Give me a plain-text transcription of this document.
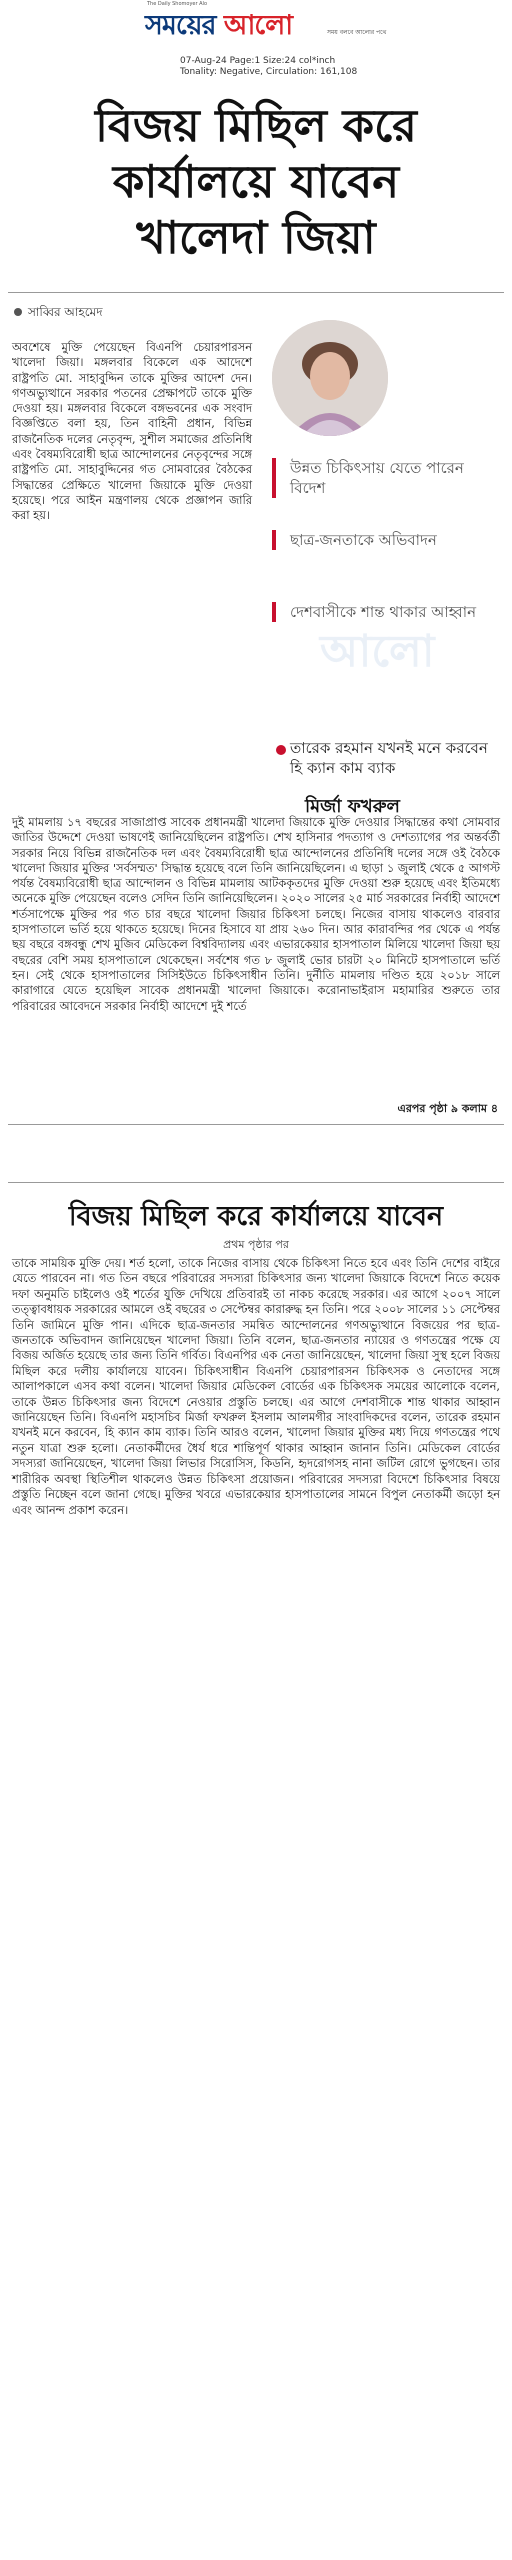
The Daily Shomoyer Alo
সময়ের আলো	সময় বলবে আলোর পথে
07-Aug-24 Page:1 Size:24 col*inch
Tonality: Negative, Circulation: 161,108
বিজয় মিছিল করে
কার্যালয়ে যাবেন
খালেদা জিয়া
সাব্বির আহমেদ
উন্নত চিকিৎসায় যেতে পারেন বিদেশ
ছাত্র-জনতাকে অভিবাদন
দেশবাসীকে শান্ত থাকার আহ্বান
তারেক রহমান যখনই মনে করবেন হি ক্যান কাম ব্যাক
মির্জা ফখরুল
আলো
অবশেষে মুক্তি পেয়েছেন বিএনপি চেয়ারপারসন খালেদা জিয়া। মঙ্গলবার বিকেলে এক আদেশে রাষ্ট্রপতি মো. সাহাবুদ্দিন তাকে মুক্তির আদেশ দেন। গণঅভ্যুত্থানে সরকার পতনের প্রেক্ষাপটে তাকে মুক্তি দেওয়া হয়। মঙ্গলবার বিকেলে বঙ্গভবনের এক সংবাদ বিজ্ঞপ্তিতে বলা হয়, তিন বাহিনী প্রধান, বিভিন্ন রাজনৈতিক দলের নেতৃবৃন্দ, সুশীল সমাজের প্রতিনিধি এবং বৈষম্যবিরোধী ছাত্র আন্দোলনের নেতৃবৃন্দের সঙ্গে রাষ্ট্রপতি মো. সাহাবুদ্দিনের গত সোমবারের বৈঠকের সিদ্ধান্তের প্রেক্ষিতে খালেদা জিয়াকে মুক্তি দেওয়া হয়েছে। পরে আইন মন্ত্রণালয় থেকে প্রজ্ঞাপন জারি করা হয়।
দুই মামলায় ১৭ বছরের সাজাপ্রাপ্ত সাবেক প্রধানমন্ত্রী খালেদা জিয়াকে মুক্তি দেওয়ার সিদ্ধান্তের কথা সোমবার জাতির উদ্দেশে দেওয়া ভাষণেই জানিয়েছিলেন রাষ্ট্রপতি। শেখ হাসিনার পদত্যাগ ও দেশত্যাগের পর অন্তর্বর্তী সরকার নিয়ে বিভিন্ন রাজনৈতিক দল এবং বৈষম্যবিরোধী ছাত্র আন্দোলনের প্রতিনিধি দলের সঙ্গে ওই বৈঠকে খালেদা জিয়ার মুক্তির 'সর্বসম্মত' সিদ্ধান্ত হয়েছে বলে তিনি জানিয়েছিলেন। এ ছাড়া ১ জুলাই থেকে ৫ আগস্ট পর্যন্ত বৈষম্যবিরোধী ছাত্র আন্দোলন ও বিভিন্ন মামলায় আটককৃতদের মুক্তি দেওয়া শুরু হয়েছে এবং ইতিমধ্যে অনেকে মুক্তি পেয়েছেন বলেও সেদিন তিনি জানিয়েছিলেন। ২০২০ সালের ২৫ মার্চ সরকারের নির্বাহী আদেশে শর্তসাপেক্ষে মুক্তির পর গত চার বছরে খালেদা জিয়ার চিকিৎসা চলছে। নিজের বাসায় থাকলেও বারবার হাসপাতালে ভর্তি হয়ে থাকতে হয়েছে। দিনের হিসাবে যা প্রায় ২৬০ দিন। আর কারাবন্দির পর থেকে এ পর্যন্ত ছয় বছরে বঙ্গবন্ধু শেখ মুজিব মেডিকেল বিশ্ববিদ্যালয় এবং এভারকেয়ার হাসপাতাল মিলিয়ে খালেদা জিয়া ছয় বছরের বেশি সময় হাসপাতালে থেকেছেন। সর্বশেষ গত ৮ জুলাই ভোর চারটা ২০ মিনিটে হাসপাতালে ভর্তি হন। সেই থেকে হাসপাতালের সিসিইউতে চিকিৎসাধীন তিনি। দুর্নীতি মামলায় দণ্ডিত হয়ে ২০১৮ সালে কারাগারে যেতে হয়েছিল সাবেক প্রধানমন্ত্রী খালেদা জিয়াকে। করোনাভাইরাস মহামারির শুরুতে তার পরিবারের আবেদনে সরকার নির্বাহী আদেশে দুই শর্তে
এরপর পৃষ্ঠা ৯ কলাম ৪
বিজয় মিছিল করে কার্যালয়ে যাবেন
প্রথম পৃষ্ঠার পর
তাকে সাময়িক মুক্তি দেয়। শর্ত হলো, তাকে নিজের বাসায় থেকে চিকিৎসা নিতে হবে এবং তিনি দেশের বাইরে যেতে পারবেন না। গত তিন বছরে পরিবারের সদস্যরা চিকিৎসার জন্য খালেদা জিয়াকে বিদেশে নিতে কয়েক দফা অনুমতি চাইলেও ওই শর্তের যুক্তি দেখিয়ে প্রতিবারই তা নাকচ করেছে সরকার। এর আগে ২০০৭ সালে তত্ত্বাবধায়ক সরকারের আমলে ওই বছরের ৩ সেপ্টেম্বর কারারুদ্ধ হন তিনি। পরে ২০০৮ সালের ১১ সেপ্টেম্বর তিনি জামিনে মুক্তি পান। এদিকে ছাত্র-জনতার সমন্বিত আন্দোলনের গণঅভ্যুত্থানে বিজয়ের পর ছাত্র-জনতাকে অভিবাদন জানিয়েছেন খালেদা জিয়া। তিনি বলেন, ছাত্র-জনতার ন্যায়ের ও গণতন্ত্রের পক্ষে যে বিজয় অর্জিত হয়েছে তার জন্য তিনি গর্বিত। বিএনপির এক নেতা জানিয়েছেন, খালেদা জিয়া সুস্থ হলে বিজয় মিছিল করে দলীয় কার্যালয়ে যাবেন। চিকিৎসাধীন বিএনপি চেয়ারপারসন চিকিৎসক ও নেতাদের সঙ্গে আলাপকালে এসব কথা বলেন। খালেদা জিয়ার মেডিকেল বোর্ডের এক চিকিৎসক সময়ের আলোকে বলেন, তাকে উন্নত চিকিৎসার জন্য বিদেশে নেওয়ার প্রস্তুতি চলছে। এর আগে দেশবাসীকে শান্ত থাকার আহ্বান জানিয়েছেন তিনি। বিএনপি মহাসচিব মির্জা ফখরুল ইসলাম আলমগীর সাংবাদিকদের বলেন, তারেক রহমান যখনই মনে করবেন, হি ক্যান কাম ব্যাক। তিনি আরও বলেন, খালেদা জিয়ার মুক্তির মধ্য দিয়ে গণতন্ত্রের পথে নতুন যাত্রা শুরু হলো। নেতাকর্মীদের ধৈর্য ধরে শান্তিপূর্ণ থাকার আহ্বান জানান তিনি। মেডিকেল বোর্ডের সদস্যরা জানিয়েছেন, খালেদা জিয়া লিভার সিরোসিস, কিডনি, হৃদরোগসহ নানা জটিল রোগে ভুগছেন। তার শারীরিক অবস্থা স্থিতিশীল থাকলেও উন্নত চিকিৎসা প্রয়োজন। পরিবারের সদস্যরা বিদেশে চিকিৎসার বিষয়ে প্রস্তুতি নিচ্ছেন বলে জানা গেছে। মুক্তির খবরে এভারকেয়ার হাসপাতালের সামনে বিপুল নেতাকর্মী জড়ো হন এবং আনন্দ প্রকাশ করেন।
